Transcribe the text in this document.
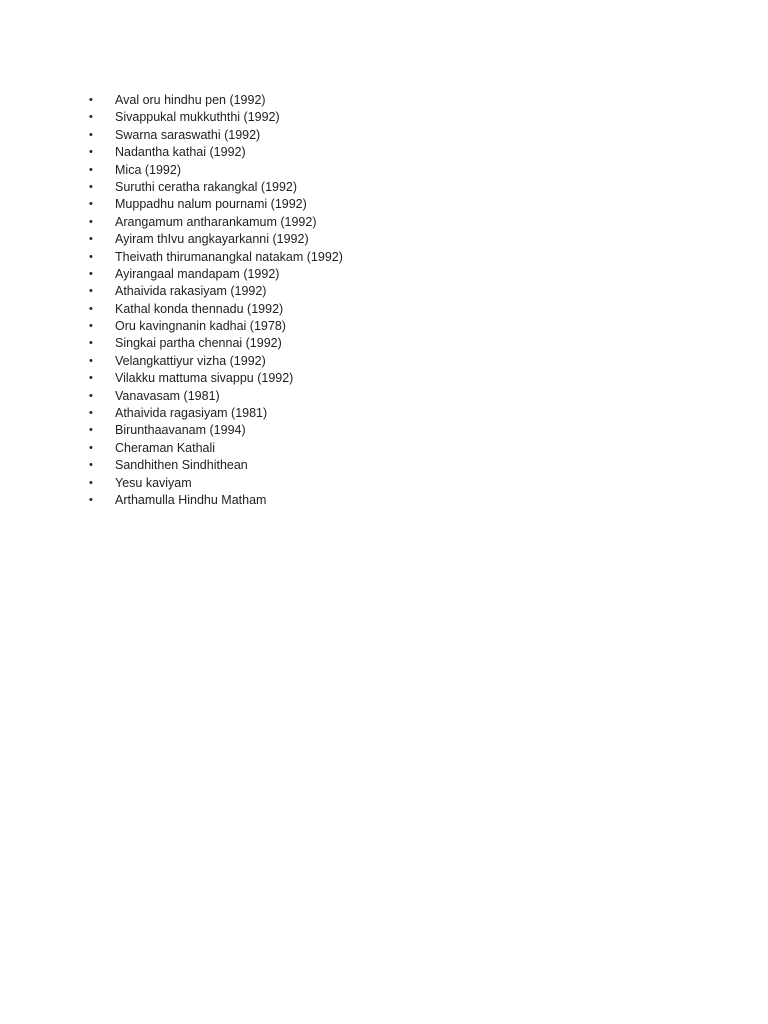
•	Aval oru hindhu pen (1992)
•	Sivappukal mukkuththi (1992)
•	Swarna saraswathi (1992)
•	Nadantha kathai (1992)
•	Mica (1992)
•	Suruthi ceratha rakangkal (1992)
•	Muppadhu nalum pournami (1992)
•	Arangamum antharankamum (1992)
•	Ayiram thIvu angkayarkanni (1992)
•	Theivath thirumanangkal natakam (1992)
•	Ayirangaal mandapam (1992)
•	Athaivida rakasiyam (1992)
•	Kathal konda thennadu (1992)
•	Oru kavingnanin kadhai (1978)
•	Singkai partha chennai (1992)
•	Velangkattiyur vizha (1992)
•	Vilakku mattuma sivappu (1992)
•	Vanavasam (1981)
•	Athaivida ragasiyam (1981)
•	Birunthaavanam (1994)
•	Cheraman Kathali
•	Sandhithen Sindhithean
•	Yesu kaviyam
•	Arthamulla Hindhu Matham
